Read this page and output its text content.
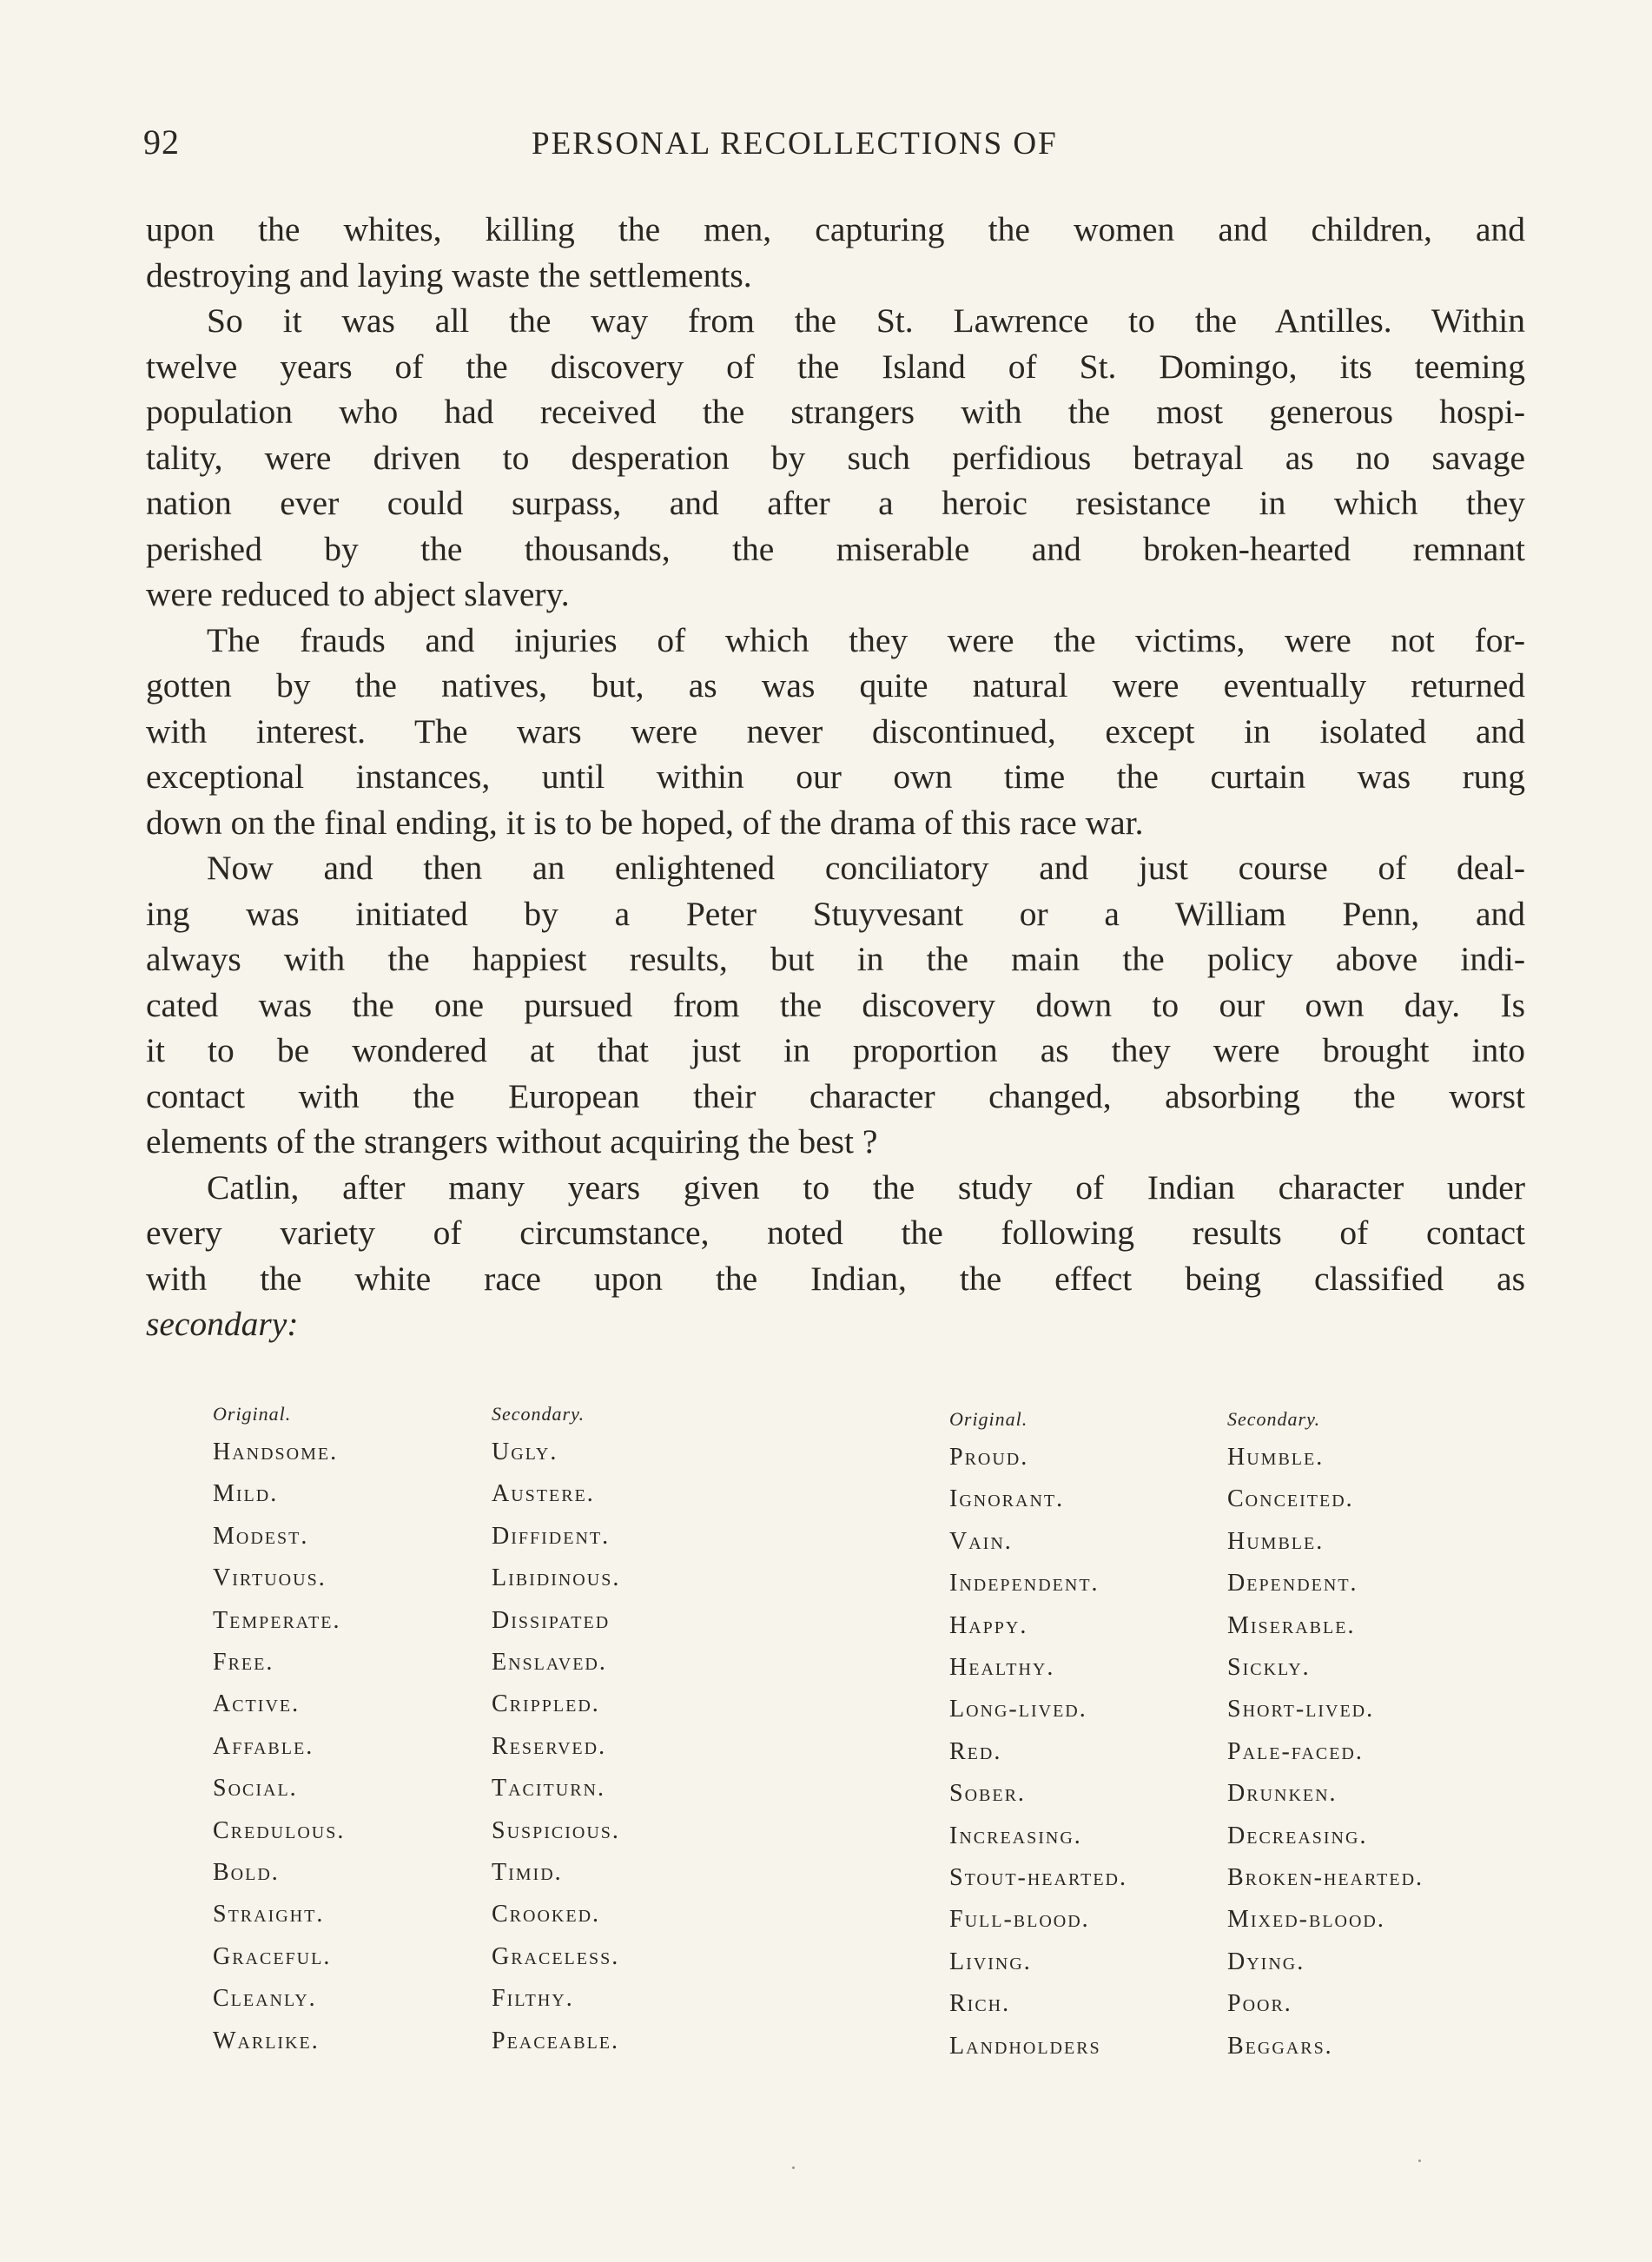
92	PERSONAL RECOLLECTIONS OF
upon the whites, killing the men, capturing the women and children, and
destroying and laying waste the settlements.
So it was all the way from the St. Lawrence to the Antilles. Within
twelve years of the discovery of the Island of St. Domingo, its teeming
population who had received the strangers with the most generous hospi-
tality, were driven to desperation by such perfidious betrayal as no savage
nation ever could surpass, and after a heroic resistance in which they
perished by the thousands, the miserable and broken-hearted remnant
were reduced to abject slavery.
The frauds and injuries of which they were the victims, were not for-
gotten by the natives, but, as was quite natural were eventually returned
with interest. The wars were never discontinued, except in isolated and
exceptional instances, until within our own time the curtain was rung
down on the final ending, it is to be hoped, of the drama of this race war.
Now and then an enlightened conciliatory and just course of deal-
ing was initiated by a Peter Stuyvesant or a William Penn, and
always with the happiest results, but in the main the policy above indi-
cated was the one pursued from the discovery down to our own day. Is
it to be wondered at that just in proportion as they were brought into
contact with the European their character changed, absorbing the worst
elements of the strangers without acquiring the best ?
Catlin, after many years given to the study of Indian character under
every variety of circumstance, noted the following results of contact
with the white race upon the Indian, the effect being classified as
secondary:
Original.
Handsome.
Mild.
Modest.
Virtuous.
Temperate.
Free.
Active.
Affable.
Social.
Credulous.
Bold.
Straight.
Graceful.
Cleanly.
Warlike.
Secondary.
Ugly.
Austere.
Diffident.
Libidinous.
Dissipated
Enslaved.
Crippled.
Reserved.
Taciturn.
Suspicious.
Timid.
Crooked.
Graceless.
Filthy.
Peaceable.
Original.
Proud.
Ignorant.
Vain.
Independent.
Happy.
Healthy.
Long-lived.
Red.
Sober.
Increasing.
Stout-hearted.
Full-blood.
Living.
Rich.
Landholders
Secondary.
Humble.
Conceited.
Humble.
Dependent.
Miserable.
Sickly.
Short-lived.
Pale-faced.
Drunken.
Decreasing.
Broken-hearted.
Mixed-blood.
Dying.
Poor.
Beggars.
